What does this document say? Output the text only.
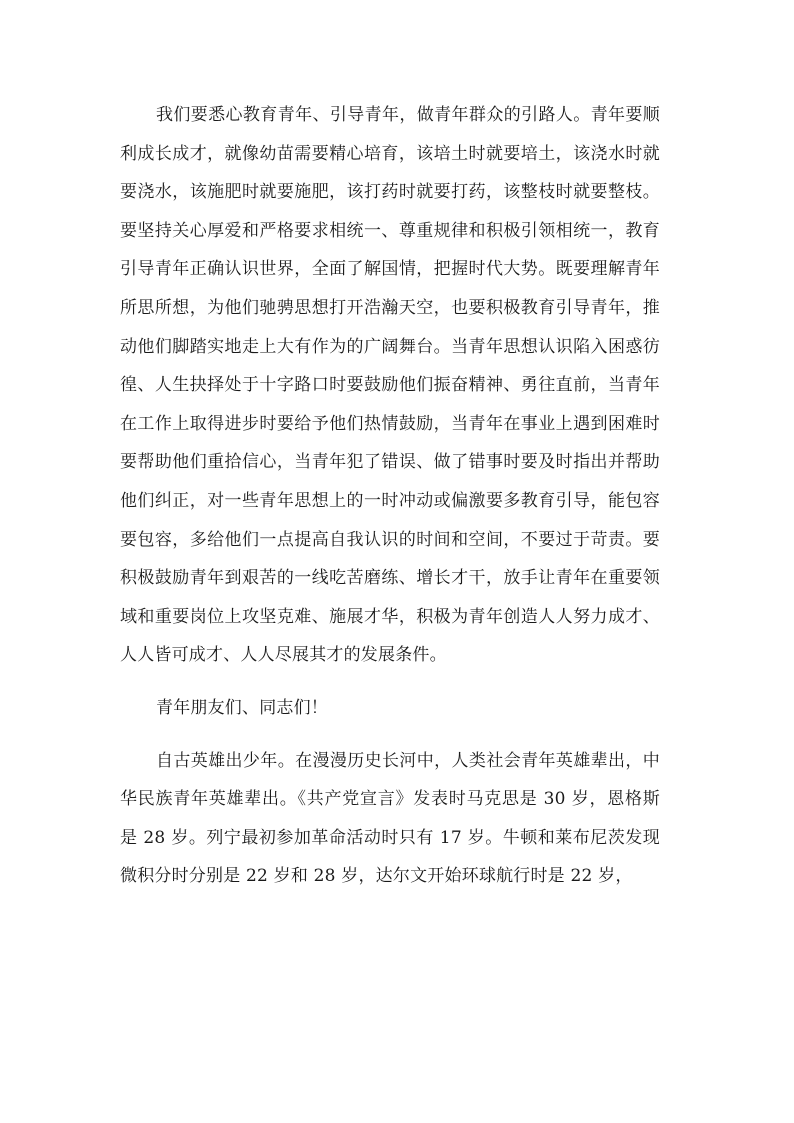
我们要悉心教育青年、引导青年，做青年群众的引路人。青年要顺利成长成才，就像幼苗需要精心培育，该培土时就要培土，该浇水时就要浇水，该施肥时就要施肥，该打药时就要打药，该整枝时就要整枝。要坚持关心厚爱和严格要求相统一、尊重规律和积极引领相统一，教育引导青年正确认识世界，全面了解国情，把握时代大势。既要理解青年所思所想，为他们驰骋思想打开浩瀚天空，也要积极教育引导青年，推动他们脚踏实地走上大有作为的广阔舞台。当青年思想认识陷入困惑彷徨、人生抉择处于十字路口时要鼓励他们振奋精神、勇往直前，当青年在工作上取得进步时要给予他们热情鼓励，当青年在事业上遇到困难时要帮助他们重拾信心，当青年犯了错误、做了错事时要及时指出并帮助他们纠正，对一些青年思想上的一时冲动或偏激要多教育引导，能包容要包容，多给他们一点提高自我认识的时间和空间，不要过于苛责。要积极鼓励青年到艰苦的一线吃苦磨练、增长才干，放手让青年在重要领域和重要岗位上攻坚克难、施展才华，积极为青年创造人人努力成才、人人皆可成才、人人尽展其才的发展条件。

青年朋友们、同志们！

自古英雄出少年。在漫漫历史长河中，人类社会青年英雄辈出，中华民族青年英雄辈出。《共产党宣言》发表时马克思是 30 岁，恩格斯是 28 岁。列宁最初参加革命活动时只有 17 岁。牛顿和莱布尼茨发现微积分时分别是 22 岁和 28 岁，达尔文开始环球航行时是 22 岁，
